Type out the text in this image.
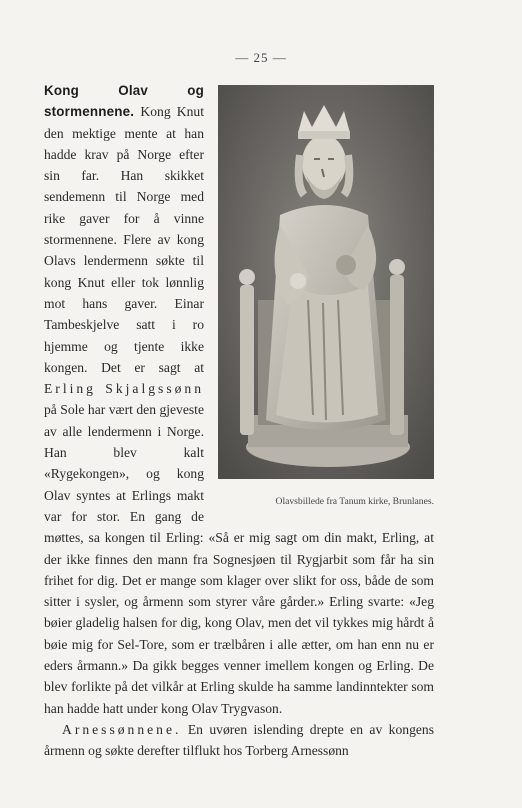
— 25 —

Olavsbillede fra Tanum kirke, Brunlanes.
Kong Olav og stormennene. Kong Knut den mektige mente at han hadde krav på Norge efter sin far. Han skikket sendemenn til Norge med rike gaver for å vinne stormennene. Flere av kong Olavs lendermenn søkte til kong Knut eller tok lønnlig mot hans gaver. Einar Tambeskjelve satt i ro hjemme og tjente ikke kongen. Det er sagt at Erling Skjalgssønn på Sole har vært den gjeveste av alle lendermenn i Norge. Han blev kalt «Rygekongen», og kong Olav syntes at Erlings makt var for stor. En gang de møttes, sa kongen til Erling: «Så er mig sagt om din makt, Erling, at der ikke finnes den mann fra Sognesjøen til Rygjarbit som får ha sin frihet for dig. Det er mange som klager over slikt for oss, både de som sitter i sysler, og årmenn som styrer våre gårder.» Erling svarte: «Jeg bøier gladelig halsen for dig, kong Olav, men det vil tykkes mig hårdt å bøie mig for Sel-Tore, som er trælbåren i alle ætter, om han enn nu er eders årmann.» Da gikk begges venner imellem kongen og Erling. De blev forlikte på det vilkår at Erling skulde ha samme landinntekter som han hadde hatt under kong Olav Trygvason.

Arnessønnene. En uvøren islending drepte en av kongens årmenn og søkte derefter tilflukt hos Torberg Arnessønn
